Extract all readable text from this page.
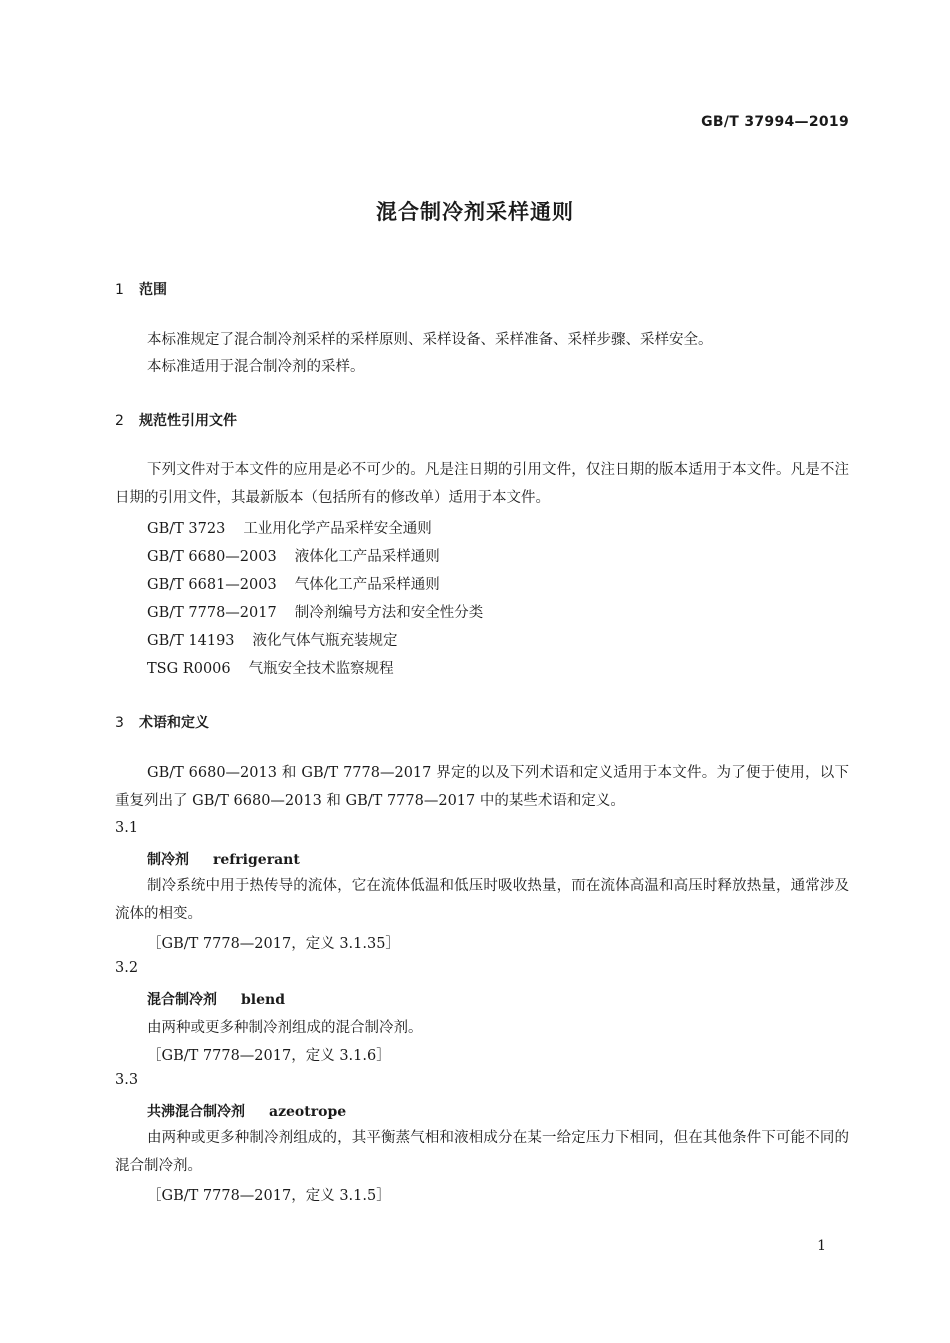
GB/T 37994—2019
混合制冷剂采样通则
1 范围
本标准规定了混合制冷剂采样的采样原则、采样设备、采样准备、采样步骤、采样安全。
本标准适用于混合制冷剂的采样。
2 规范性引用文件
下列文件对于本文件的应用是必不可少的。凡是注日期的引用文件，仅注日期的版本适用于本文件。凡是不注日期的引用文件，其最新版本（包括所有的修改单）适用于本文件。
GB/T 3723 工业用化学产品采样安全通则
GB/T 6680—2003 液体化工产品采样通则
GB/T 6681—2003 气体化工产品采样通则
GB/T 7778—2017 制冷剂编号方法和安全性分类
GB/T 14193 液化气体气瓶充装规定
TSG R0006 气瓶安全技术监察规程
3 术语和定义
GB/T 6680—2013 和 GB/T 7778—2017 界定的以及下列术语和定义适用于本文件。为了便于使用，以下重复列出了 GB/T 6680—2013 和 GB/T 7778—2017 中的某些术语和定义。
3.1
制冷剂 refrigerant
制冷系统中用于热传导的流体，它在流体低温和低压时吸收热量，而在流体高温和高压时释放热量，通常涉及流体的相变。
［GB/T 7778—2017，定义 3.1.35］
3.2
混合制冷剂 blend
由两种或更多种制冷剂组成的混合制冷剂。
［GB/T 7778—2017，定义 3.1.6］
3.3
共沸混合制冷剂 azeotrope
由两种或更多种制冷剂组成的，其平衡蒸气相和液相成分在某一给定压力下相同，但在其他条件下可能不同的混合制冷剂。
［GB/T 7778—2017，定义 3.1.5］
1
